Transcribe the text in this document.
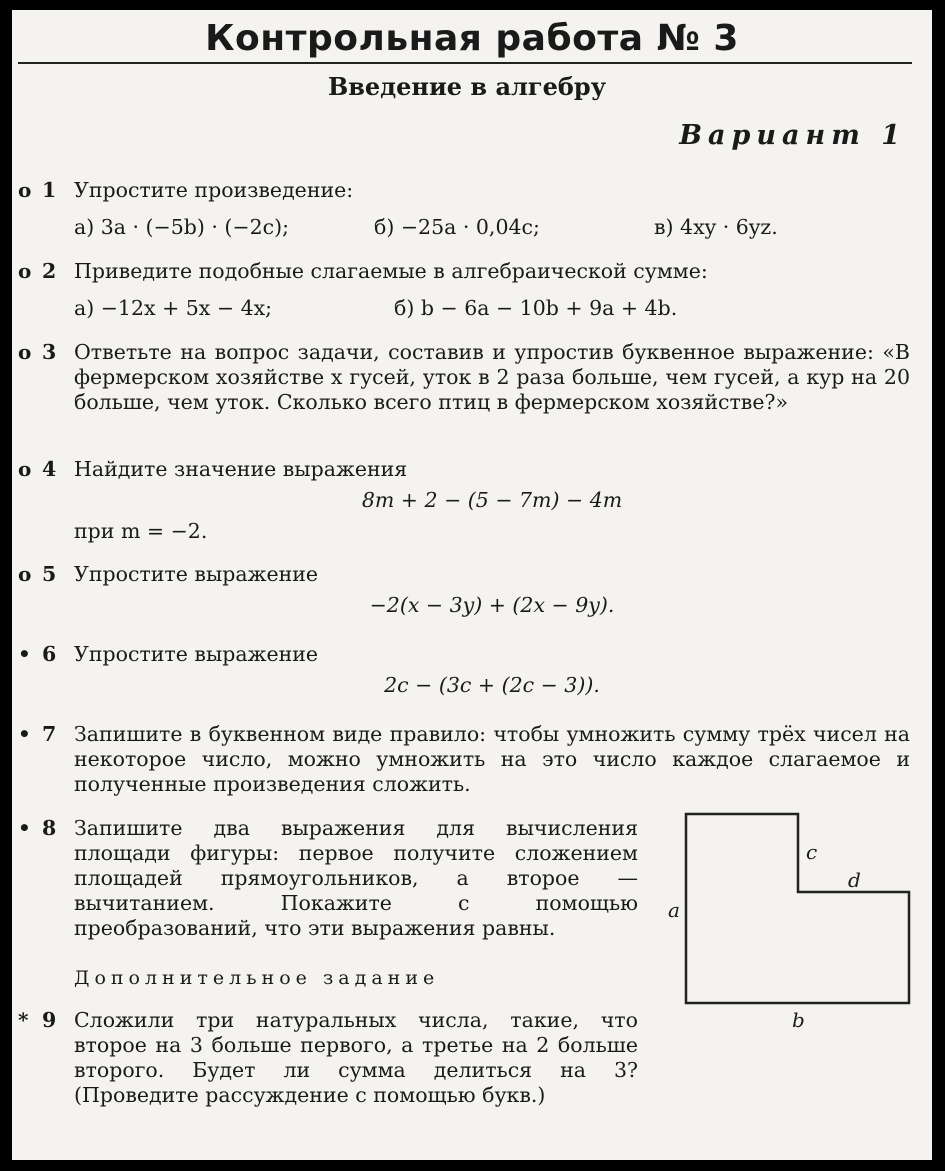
Контрольная работа № 3
Введение в алгебру
Вариант 1
o 1 Упростите произведение:
а) 3a · (−5b) · (−2c);	б) −25a · 0,04c;	в) 4xy · 6yz.
o 2 Приведите подобные слагаемые в алгебраической сумме:
а) −12x + 5x − 4x;	б) b − 6a − 10b + 9a + 4b.
o 3 Ответьте на вопрос задачи, составив и упростив буквенное выражение: «В фермерском хозяйстве x гусей, уток в 2 раза больше, чем гусей, а кур на 20 больше, чем уток. Сколько всего птиц в фермерском хозяйстве?»
o 4 Найдите значение выражения
8m + 2 − (5 − 7m) − 4m
при m = −2.
o 5 Упростите выражение
−2(x − 3y) + (2x − 9y).
• 6 Упростите выражение
2c − (3c + (2c − 3)).
• 7 Запишите в буквенном виде правило: чтобы умножить сумму трёх чисел на некоторое число, можно умножить на это число каждое слагаемое и полученные произведения сложить.
• 8 Запишите два выражения для вычисления площади фигуры: первое получите сложением площадей прямоугольников, а второе — вычитанием. Покажите с помощью преобразований, что эти выражения равны.
c
d
a
b
Дополнительное задание
* 9 Сложили три натуральных числа, такие, что второе на 3 больше первого, а третье на 2 больше второго. Будет ли сумма делиться на 3? (Проведите рассуждение с помощью букв.)
